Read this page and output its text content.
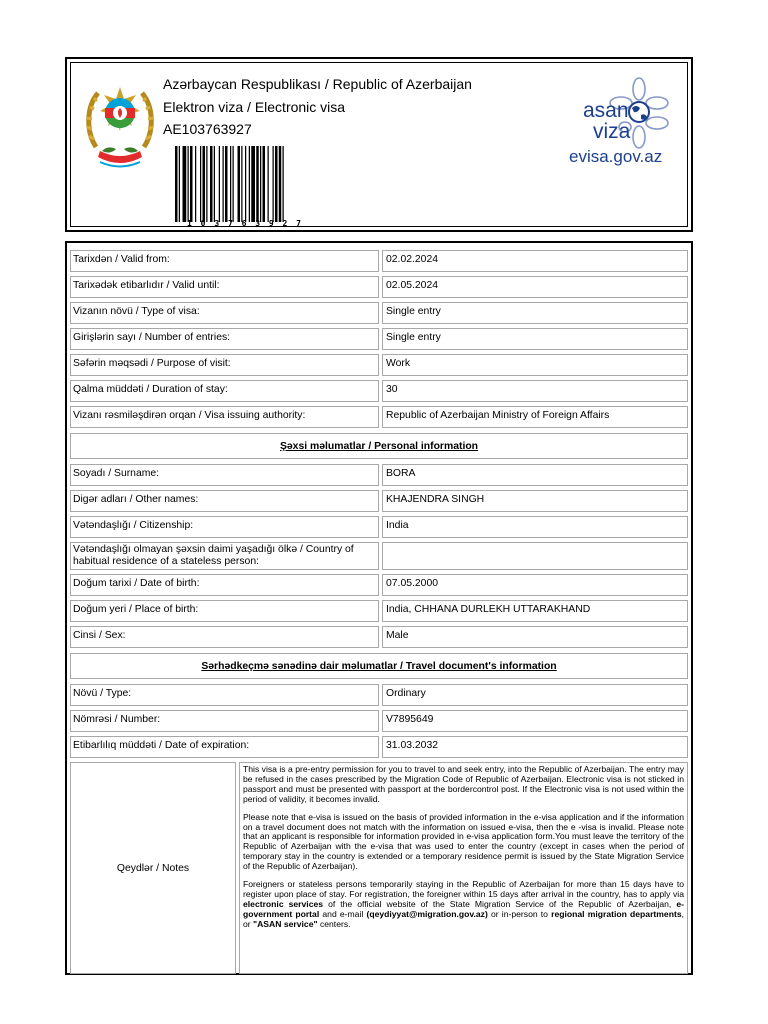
Azərbaycan Respublikası / Republic of Azerbaijan
Elektron viza / Electronic visa
AE103763927
1 0 3 7 6 3 9 2 7
asan
viza
evisa.gov.az
Tarixdən / Valid from:	02.02.2024
Tarixədək etibarlıdır / Valid until:	02.05.2024
Vizanın növü / Type of visa:	Single entry
Girişlərin sayı / Number of entries:	Single entry
Səfərin məqsədi / Purpose of visit:	Work
Qalma müddəti / Duration of stay:	30
Vizanı rəsmiləşdirən orqan / Visa issuing authority:	Republic of Azerbaijan Ministry of Foreign Affairs
Şəxsi məlumatlar / Personal information
Soyadı / Surname:	BORA
Digər adları / Other names:	KHAJENDRA SINGH
Vətəndaşlığı / Citizenship:	India
Vətəndaşlığı olmayan şəxsin daimi yaşadığı ölkə / Country of habitual residence of a stateless person:
Doğum tarixi / Date of birth:	07.05.2000
Doğum yeri / Place of birth:	India, CHHANA DURLEKH UTTARAKHAND
Cinsi / Sex:	Male
Sərhədkeçmə sənədinə dair məlumatlar / Travel document's information
Növü / Type:	Ordinary
Nömrəsi / Number:	V7895649
Etibarlılıq müddəti / Date of expiration:	31.03.2032
Qeydlər / Notes

This visa is a pre-entry permission for you to travel to and seek entry, into the Republic of Azerbaijan. The entry may be refused in the cases prescribed by the Migration Code of Republic of Azerbaijan. Electronic visa is not sticked in passport and must be presented with passport at the bordercontrol post. If the Electronic visa is not used within the period of validity, it becomes invalid.

Please note that e-visa is issued on the basis of provided information in the e-visa application and if the information on a travel document does not match with the information on issued e-visa, then the e -visa is invalid. Please note that an applicant is responsible for information provided in e-visa application form.You must leave the territory of the Republic of Azerbaijan with the e-visa that was used to enter the country (except in cases when the period of temporary stay in the country is extended or a temporary residence permit is issued by the State Migration Service of the Republic of Azerbaijan).

Foreigners or stateless persons temporarily staying in the Republic of Azerbaijan for more than 15 days have to register upon place of stay. For registration, the foreigner within 15 days after arrival in the country, has to apply via electronic services of the official website of the State Migration Service of the Republic of Azerbaijan, e-government portal and e-mail (qeydiyyat@migration.gov.az) or in-person to regional migration departments, or "ASAN service" centers.
